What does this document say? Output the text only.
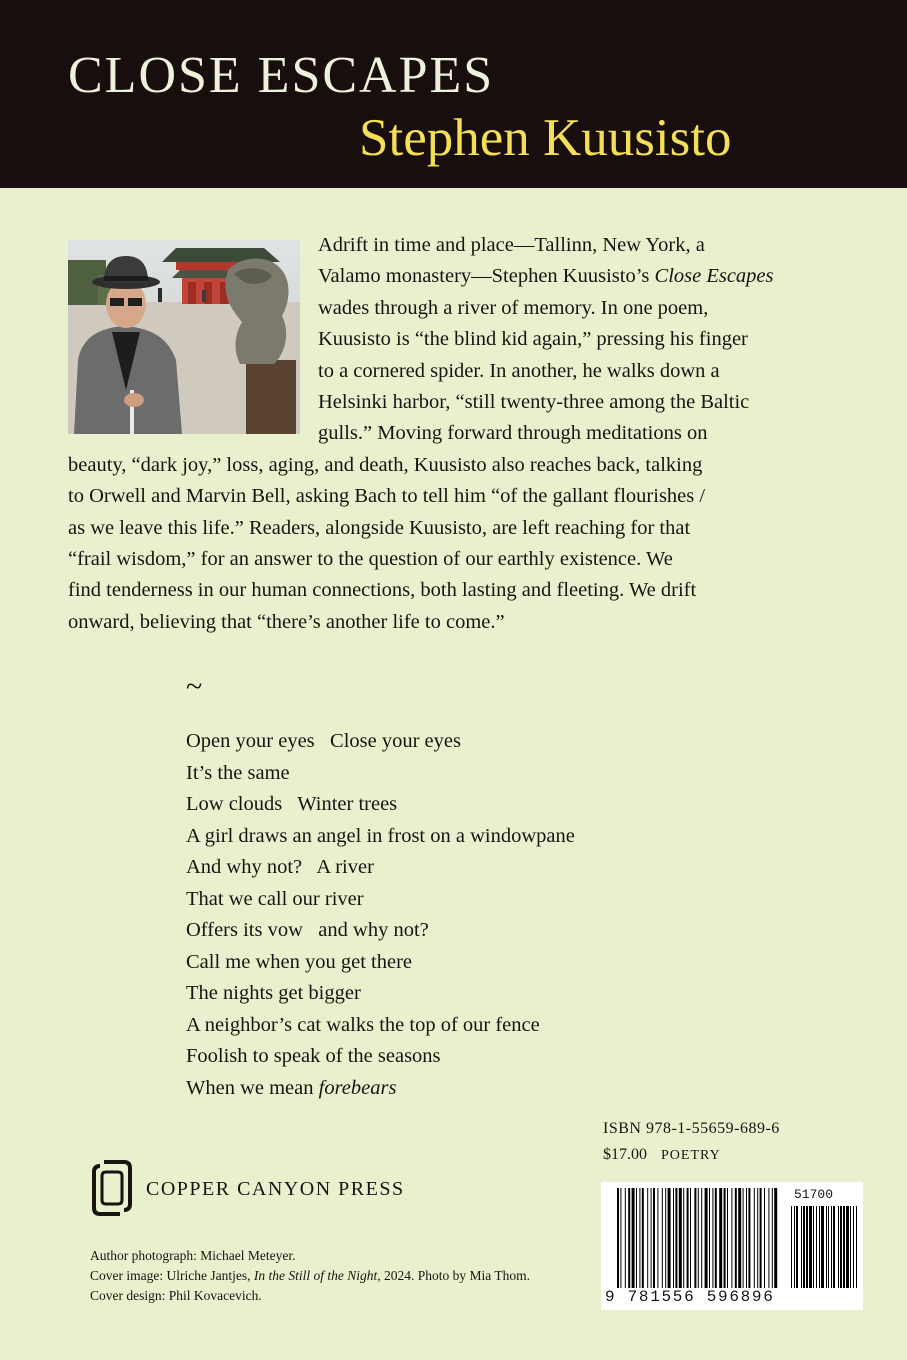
CLOSE ESCAPES
Stephen Kuusisto
Adrift in time and place—Tallinn, New York, a
Valamo monastery—Stephen Kuusisto’s Close Escapes
wades through a river of memory. In one poem,
Kuusisto is “the blind kid again,” pressing his finger
to a cornered spider. In another, he walks down a
Helsinki harbor, “still twenty-three among the Baltic
gulls.” Moving forward through meditations on
beauty, “dark joy,” loss, aging, and death, Kuusisto also reaches back, talking
to Orwell and Marvin Bell, asking Bach to tell him “of the gallant flourishes /
as we leave this life.” Readers, alongside Kuusisto, are left reaching for that
“frail wisdom,” for an answer to the question of our earthly existence. We
find tenderness in our human connections, both lasting and fleeting. We drift
onward, believing that “there’s another life to come.”
~
Open your eyes   Close your eyes
It’s the same
Low clouds   Winter trees
A girl draws an angel in frost on a windowpane
And why not?   A river
That we call our river
Offers its vow   and why not?
Call me when you get there
The nights get bigger
A neighbor’s cat walks the top of our fence
Foolish to speak of the seasons
When we mean forebears
ISBN 978-1-55659-689-6
$17.00 POETRY
51700
9 781556 596896
COPPER CANYON PRESS
Author photograph: Michael Meteyer.
Cover image: Ulriche Jantjes, In the Still of the Night, 2024. Photo by Mia Thom.
Cover design: Phil Kovacevich.
